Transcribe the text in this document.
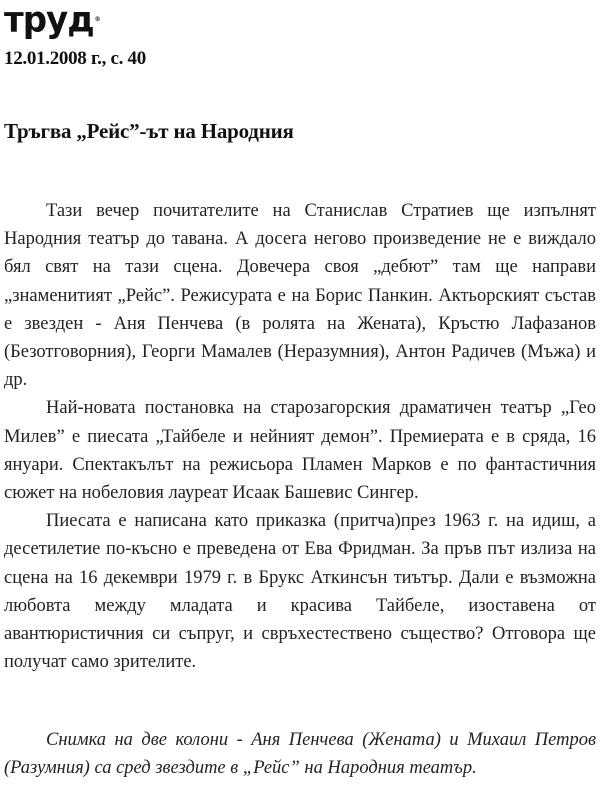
труд®
12.01.2008 г., с. 40
Тръгва „Рейс”-ът на Народния

Тази вечер почитателите на Станислав Стратиев ще изпълнят Народния театър до тавана. А досега негово произведение не е виждало бял свят на тази сцена. Довечера своя „дебют” там ще направи „знаменитият „Рейс”. Режисурата е на Борис Панкин. Актьорският състав е звезден - Аня Пенчева (в ролята на Жената), Кръстю Лафазанов (Безотговорния), Георги Мамалев (Неразумния), Антон Радичев (Мъжа) и др.

Най-новата постановка на старозагорския драматичен театър „Гео Милев” е пиесата „Тайбеле и нейният демон”. Премиерата е в сряда, 16 януари. Спектакълът на режисьора Пламен Марков е по фантастичния сюжет на нобеловия лауреат Исаак Башевис Сингер.

Пиесата е написана като приказка (притча)през 1963 г. на идиш, а десетилетие по-късно е преведена от Ева Фридман. За пръв път излиза на сцена на 16 декември 1979 г. в Брукс Аткинсън тиътър. Дали е възможна любовта между младата и красива Тайбеле, изоставена от авантюристичния си съпруг, и свръхестествено същество? Отговора ще получат само зрителите.

Снимка на две колони - Аня Пенчева (Жената) и Михаил Петров (Разумния) са сред звездите в „Рейс” на Народния театър.
